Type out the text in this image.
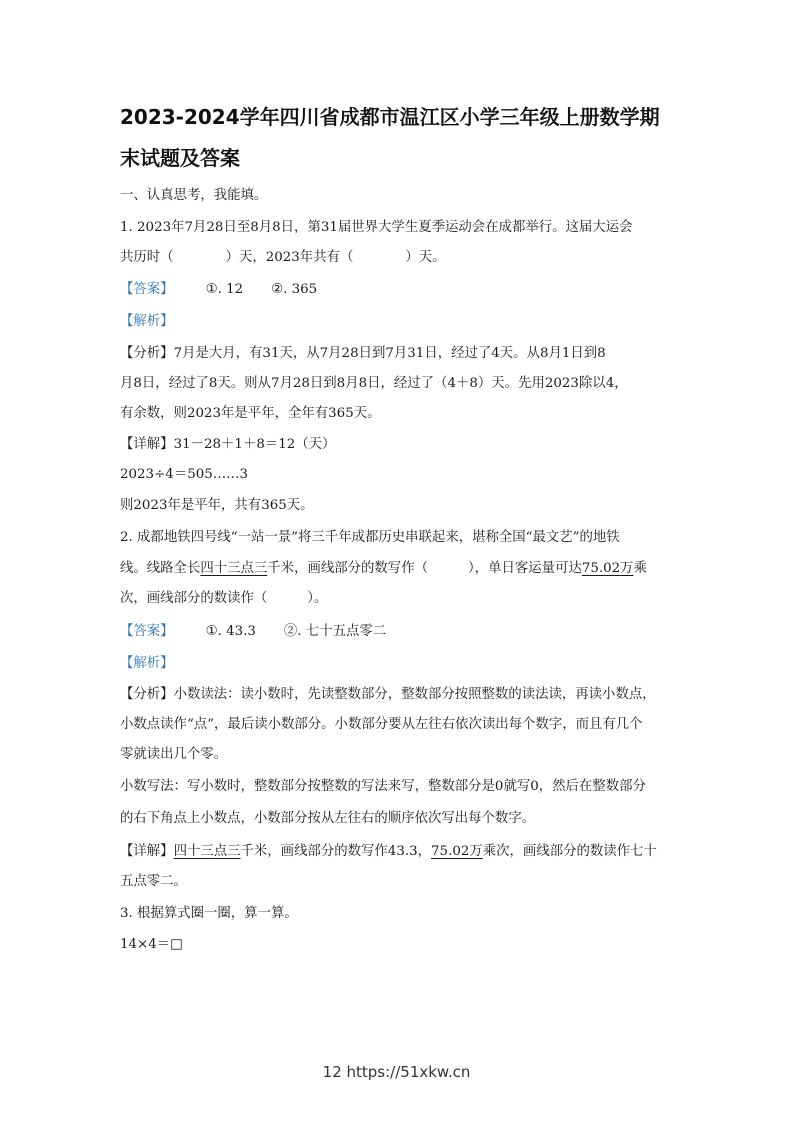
2023-2024学年四川省成都市温江区小学三年级上册数学期
末试题及答案
一、认真思考，我能填。
1. 2023年7月28日至8月8日，第31届世界大学生夏季运动会在成都举行。这届大运会
共历时（	）天，2023年共有（	）天。
【答案】 ①. 12 ②. 365
【解析】
【分析】7月是大月，有31天，从7月28日到7月31日，经过了4天。从8月1日到8
月8日，经过了8天。则从7月28日到8月8日，经过了（4＋8）天。先用2023除以4，
有余数，则2023年是平年，全年有365天。
【详解】31－28＋1＋8＝12（天）
2023÷4＝505……3
则2023年是平年，共有365天。
2. 成都地铁四号线“一站一景”将三千年成都历史串联起来，堪称全国“最文艺”的地铁
线。线路全长四十三点三千米，画线部分的数写作（	），单日客运量可达75.02万乘
次，画线部分的数读作（	）。
【答案】 ①. 43.3 ②. 七十五点零二
【解析】
【分析】小数读法：读小数时，先读整数部分，整数部分按照整数的读法读，再读小数点，
小数点读作“点”，最后读小数部分。小数部分要从左往右依次读出每个数字，而且有几个
零就读出几个零。
小数写法：写小数时，整数部分按整数的写法来写，整数部分是0就写0，然后在整数部分
的右下角点上小数点，小数部分按从左往右的顺序依次写出每个数字。
【详解】四十三点三千米，画线部分的数写作43.3，75.02万乘次，画线部分的数读作七十
五点零二。
3. 根据算式圈一圈，算一算。
14×4＝□
12 https://51xkw.cn
